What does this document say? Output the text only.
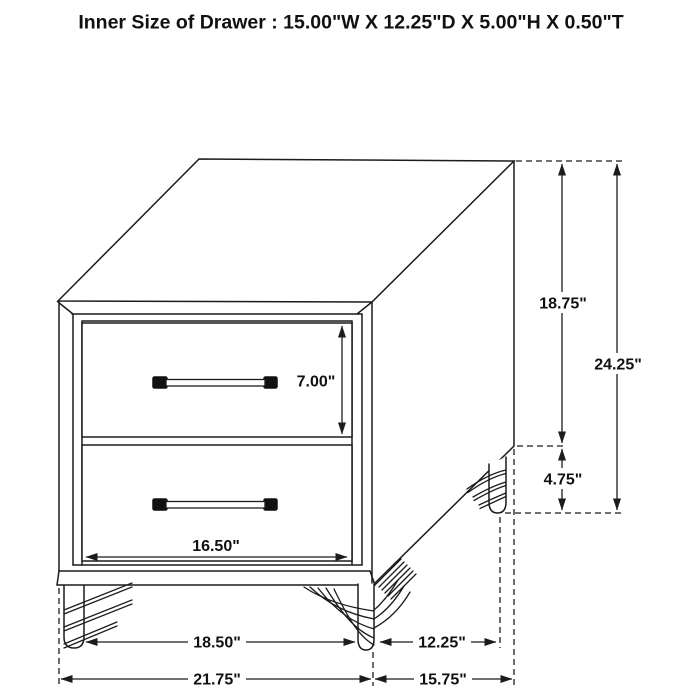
Inner Size of Drawer : 15.00"W X 12.25"D X 5.00"H X 0.50"T
18.75"
24.25"
4.75"
7.00"
16.50"
18.50"	12.25"
21.75"	15.75"
